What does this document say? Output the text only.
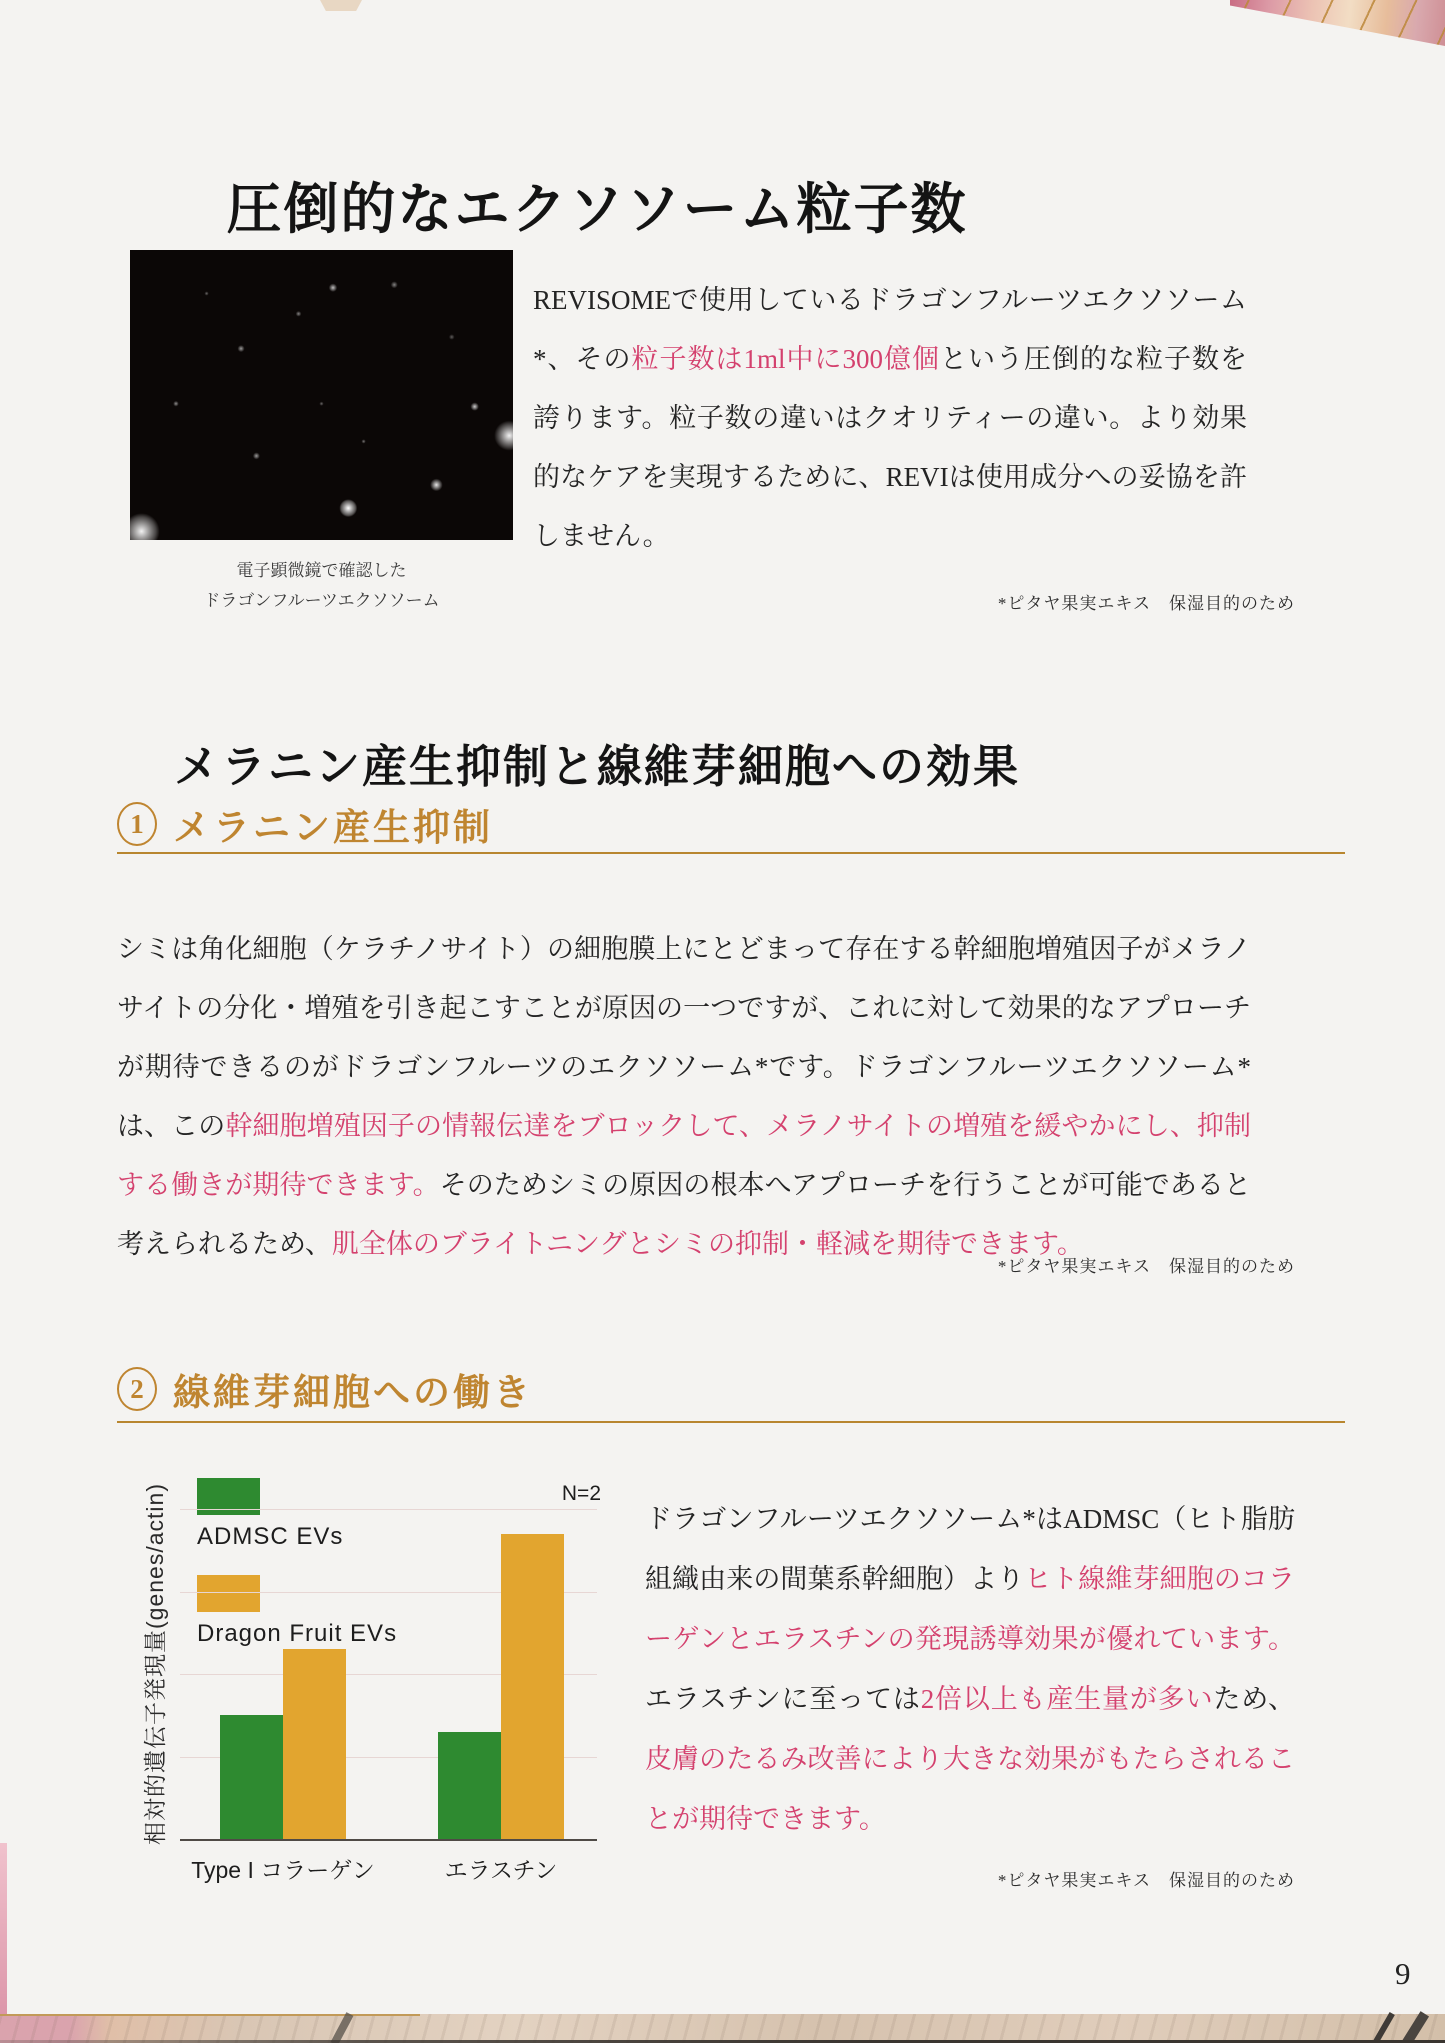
圧倒的なエクソソーム粒子数
電子顕微鏡で確認した
ドラゴンフルーツエクソソーム

REVISOMEで使用しているドラゴンフルーツエクソソーム*、その粒子数は1ml中に300億個という圧倒的な粒子数を誇ります。粒子数の違いはクオリティーの違い。より効果的なケアを実現するために、REVIは使用成分への妥協を許しません。

*ピタヤ果実エキス　保湿目的のため
メラニン産生抑制と線維芽細胞への効果
1 メラニン産生抑制

シミは角化細胞（ケラチノサイト）の細胞膜上にとどまって存在する幹細胞増殖因子がメラノサイトの分化・増殖を引き起こすことが原因の一つですが、これに対して効果的なアプローチが期待できるのがドラゴンフルーツのエクソソーム*です。ドラゴンフルーツエクソソーム*は、この幹細胞増殖因子の情報伝達をブロックして、メラノサイトの増殖を緩やかにし、抑制する働きが期待できます。そのためシミの原因の根本へアプローチを行うことが可能であると考えられるため、肌全体のブライトニングとシミの抑制・軽減を期待できます。

*ピタヤ果実エキス　保湿目的のため
2 線維芽細胞への働き
相対的遺伝子発現量(genes/actin) ADMSC EVs
Dragon Fruit EVs
N=2
Type I コラーゲン	エラスチン

ドラゴンフルーツエクソソーム*はADMSC（ヒト脂肪組織由来の間葉系幹細胞）よりヒト線維芽細胞のコラーゲンとエラスチンの発現誘導効果が優れています。エラスチンに至っては2倍以上も産生量が多いため、皮膚のたるみ改善により大きな効果がもたらされることが期待できます。

*ピタヤ果実エキス　保湿目的のため
9
